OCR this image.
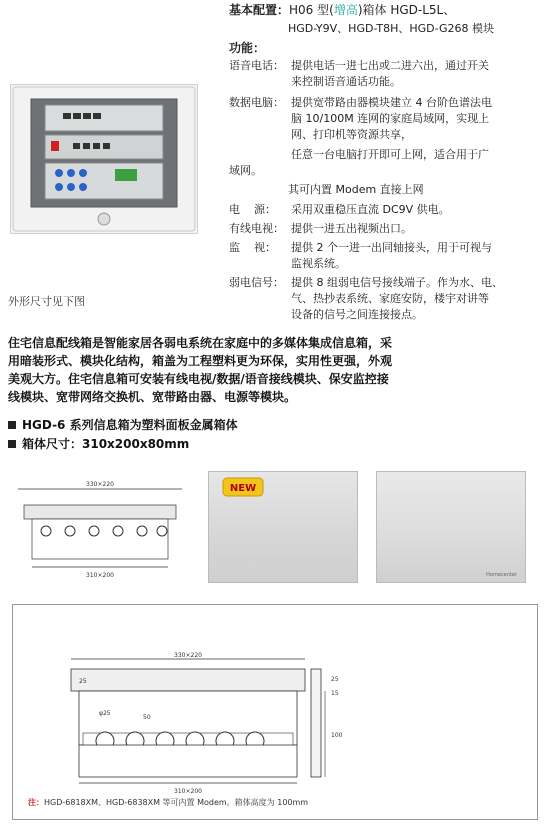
外形尺寸见下图
基本配置：H06 型(增高)箱体 HGD-L5L、
HGD-Y9V、HGD-T8H、HGD-G268 模块
功能：
语音电话： 提供电话一进七出或二进六出，通过开关
来控制语音通话功能。
数据电脑： 提供宽带路由器模块建立 4 台阶色谱法电
脑 10/100M 连网的家庭局域网，实现上
网、打印机等资源共享，
任意一台电脑打开即可上网，适合用于广
域网。
其可内置 Modem 直接上网
电    源： 采用双重稳压直流 DC9V 供电。
有线电视： 提供一进五出视频出口。
监    视： 提供 2 个一进一出同轴接头，用于可视与
监视系统。
弱电信号： 提供 8 组弱电信号接线端子。作为水、电、
气、热抄表系统、家庭安防，楼宇对讲等
设备的信号之间连接接点。
住宅信息配线箱是智能家居各弱电系统在家庭中的多媒体集成信息箱，采
用暗装形式、模块化结构，箱盖为工程塑料更为环保，实用性更强，外观
美观大方。住宅信息箱可安装有线电视/数据/语音接线模块、保安监控接
线模块、宽带网络交换机、宽带路由器、电源等模块。
HGD-6 系列信息箱为塑料面板金属箱体
箱体尺寸：310x200x80mm
330×220
310×200
NEW
Homecenter
330×220
25
φ25
50
310×200
25
15
100
注：HGD-6818XM、HGD-6838XM 等可内置 Modem。箱体高度为 100mm
